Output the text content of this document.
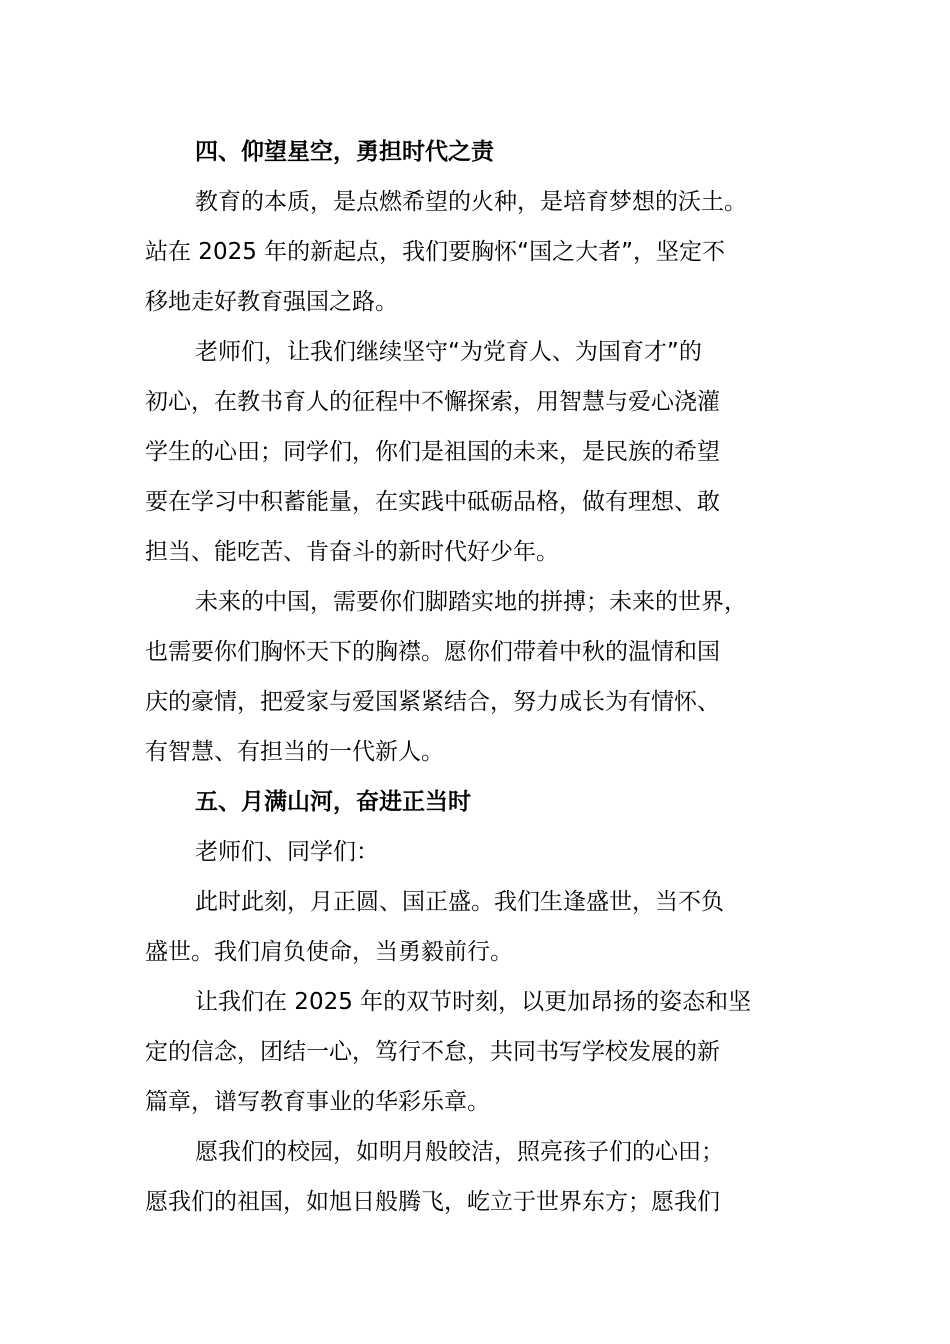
四、仰望星空，勇担时代之责

教育的本质，是点燃希望的火种，是培育梦想的沃土。
站在 2025 年的新起点，我们要胸怀“国之大者”，坚定不
移地走好教育强国之路。

老师们，让我们继续坚守“为党育人、为国育才”的
初心，在教书育人的征程中不懈探索，用智慧与爱心浇灌
学生的心田；同学们，你们是祖国的未来，是民族的希望
要在学习中积蓄能量，在实践中砥砺品格，做有理想、敢
担当、能吃苦、肯奋斗的新时代好少年。

未来的中国，需要你们脚踏实地的拼搏；未来的世界，
也需要你们胸怀天下的胸襟。愿你们带着中秋的温情和国
庆的豪情，把爱家与爱国紧紧结合，努力成长为有情怀、
有智慧、有担当的一代新人。

五、月满山河，奋进正当时

老师们、同学们：

此时此刻，月正圆、国正盛。我们生逢盛世，当不负
盛世。我们肩负使命，当勇毅前行。

让我们在 2025 年的双节时刻，以更加昂扬的姿态和坚
定的信念，团结一心，笃行不怠，共同书写学校发展的新
篇章，谱写教育事业的华彩乐章。

愿我们的校园，如明月般皎洁，照亮孩子们的心田；
愿我们的祖国，如旭日般腾飞，屹立于世界东方；愿我们
